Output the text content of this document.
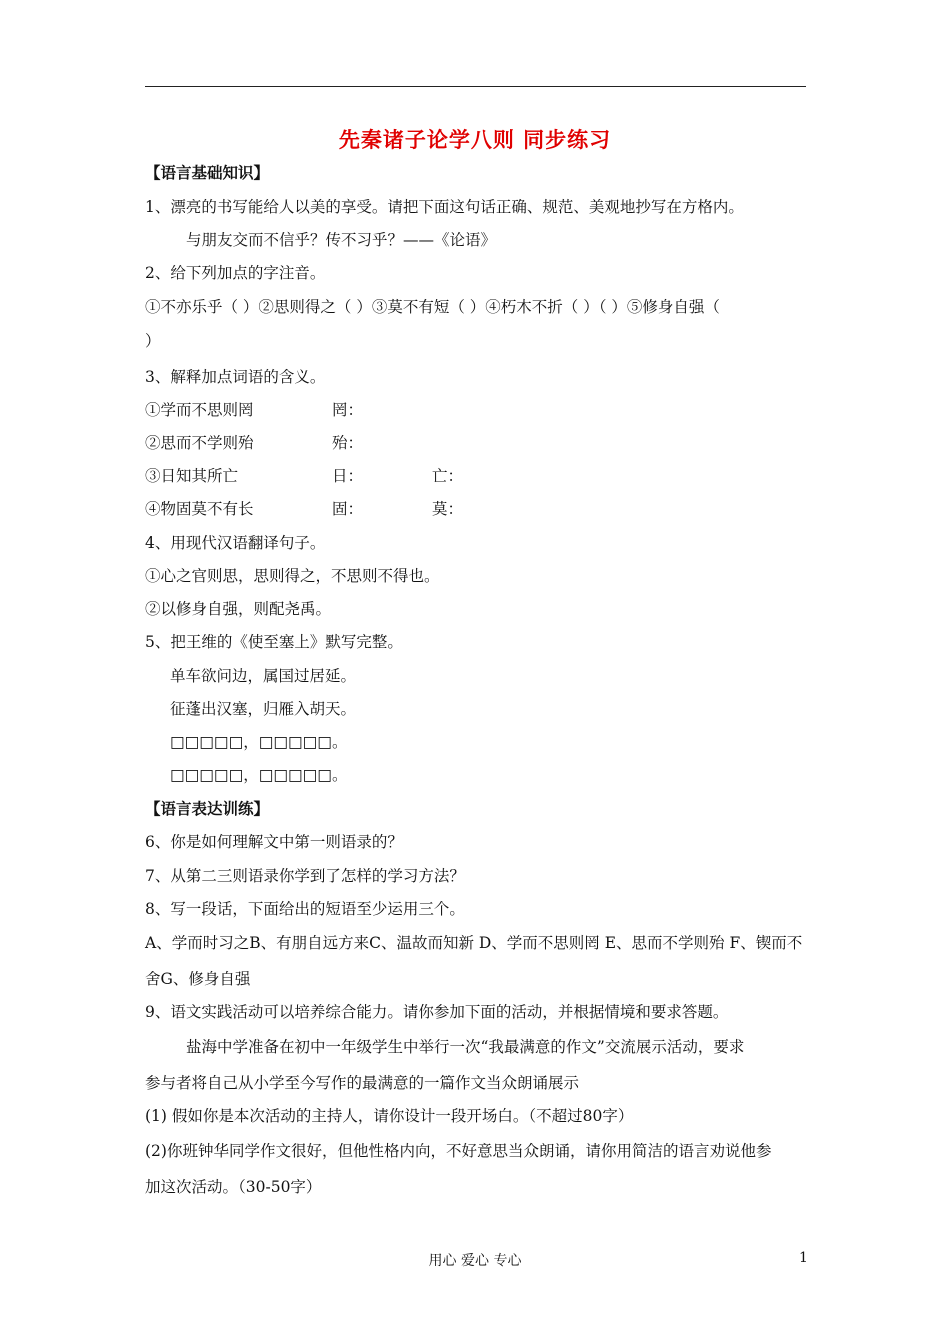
先秦诸子论学八则 同步练习
【语言基础知识】
1、漂亮的书写能给人以美的享受。请把下面这句话正确、规范、美观地抄写在方格内。
与朋友交而不信乎？传不习乎？——《论语》
2、给下列加点的字注音。
①不亦乐乎（ ）②思则得之（ ）③莫不有短（ ）④朽木不折（ ）（ ）⑤修身自强（
）
3、解释加点词语的含义。
①学而不思则罔	罔：
②思而不学则殆	殆：
③日知其所亡	日：	亡：
④物固莫不有长	固：	莫：
4、用现代汉语翻译句子。
①心之官则思，思则得之，不思则不得也。
②以修身自强，则配尧禹。
5、把王维的《使至塞上》默写完整。
单车欲问边，属国过居延。
征蓬出汉塞，归雁入胡天。
□□□□□，□□□□□。
□□□□□，□□□□□。
【语言表达训练】
6、你是如何理解文中第一则语录的？
7、从第二三则语录你学到了怎样的学习方法？
8、写一段话，下面给出的短语至少运用三个。
A、学而时习之B、有朋自远方来C、温故而知新 D、学而不思则罔 E、思而不学则殆 F、锲而不
舍G、修身自强
9、语文实践活动可以培养综合能力。请你参加下面的活动，并根据情境和要求答题。
盐海中学准备在初中一年级学生中举行一次“我最满意的作文”交流展示活动，要求
参与者将自己从小学至今写作的最满意的一篇作文当众朗诵展示
(1) 假如你是本次活动的主持人，请你设计一段开场白。（不超过80字）
(2)你班钟华同学作文很好，但他性格内向，不好意思当众朗诵，请你用简洁的语言劝说他参
加这次活动。（30-50字）
用心 爱心 专心	1
